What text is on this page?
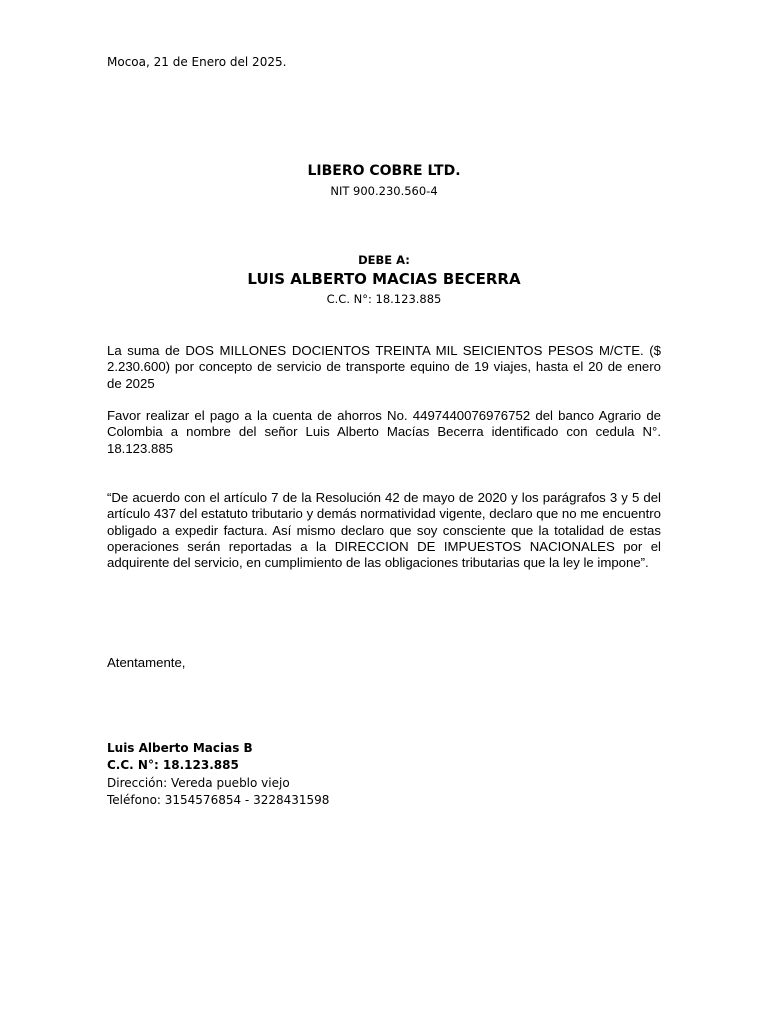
Mocoa, 21 de Enero del 2025.
LIBERO COBRE LTD.
NIT 900.230.560-4
DEBE A:
LUIS ALBERTO MACIAS BECERRA
C.C. N°: 18.123.885
La suma de DOS MILLONES DOCIENTOS TREINTA MIL SEICIENTOS PESOS M/CTE. ($ 2.230.600) por concepto de servicio de transporte equino de 19 viajes, hasta el 20 de enero de 2025
Favor realizar el pago a la cuenta de ahorros No. 4497440076976752 del banco Agrario de Colombia a nombre del señor Luis Alberto Macías Becerra identificado con cedula N°. 18.123.885
“De acuerdo con el artículo 7 de la Resolución 42 de mayo de 2020 y los parágrafos 3 y 5 del artículo 437 del estatuto tributario y demás normatividad vigente, declaro que no me encuentro obligado a expedir factura. Así mismo declaro que soy consciente que la totalidad de estas operaciones serán reportadas a la DIRECCION DE IMPUESTOS NACIONALES por el adquirente del servicio, en cumplimiento de las obligaciones tributarias que la ley le impone”.
Atentamente,
Luis Alberto Macias B
C.C. N°: 18.123.885
Dirección: Vereda pueblo viejo
Teléfono: 3154576854 - 3228431598
